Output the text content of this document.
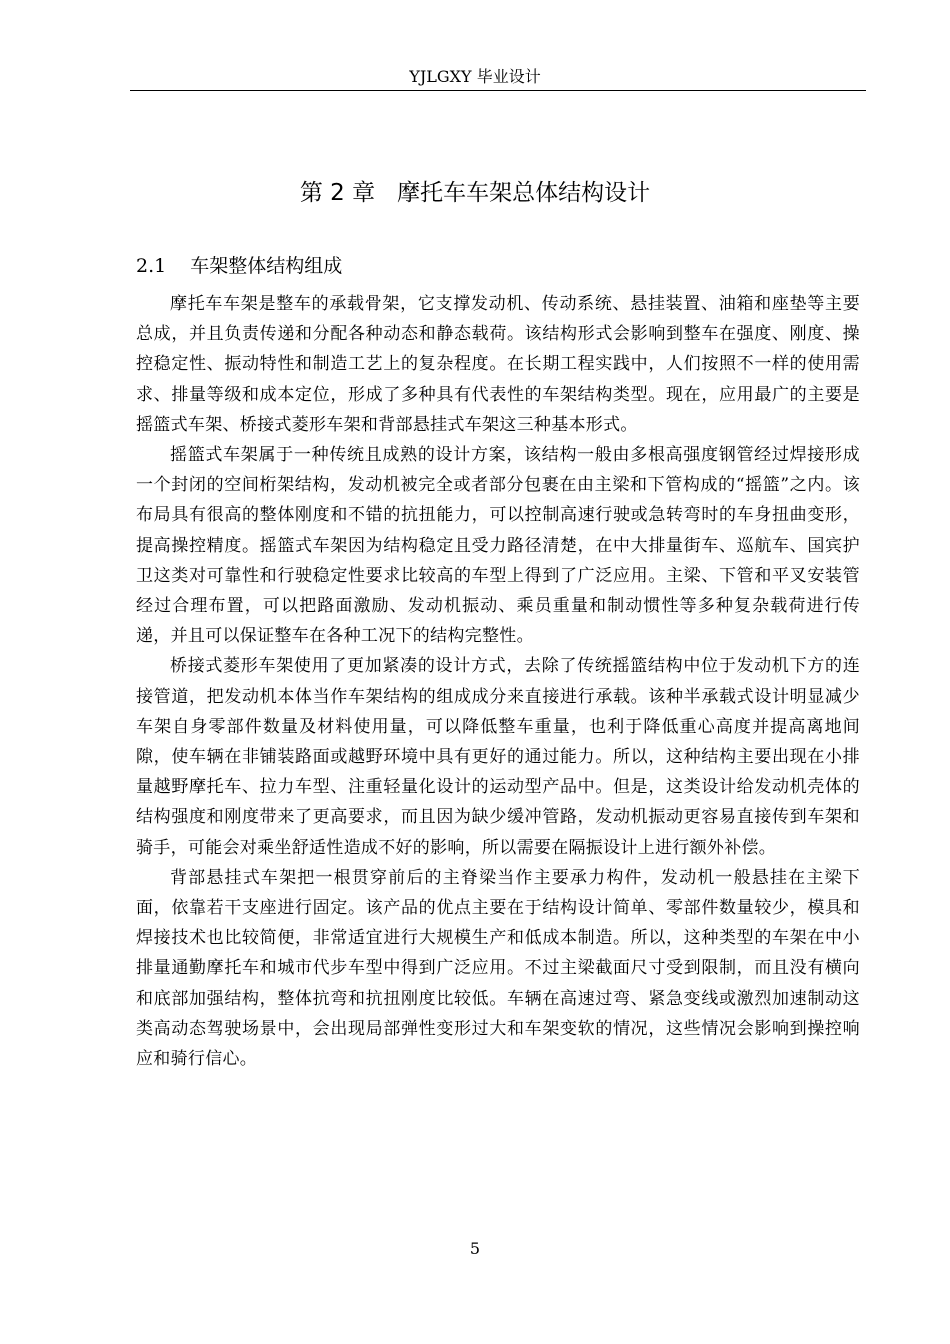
YJLGXY 毕业设计
第 2 章 摩托车车架总体结构设计
2.1 车架整体结构组成

摩托车车架是整车的承载骨架，它支撑发动机、传动系统、悬挂装置、油箱和座垫等主要总成，并且负责传递和分配各种动态和静态载荷。该结构形式会影响到整车在强度、刚度、操控稳定性、振动特性和制造工艺上的复杂程度。在长期工程实践中，人们按照不一样的使用需求、排量等级和成本定位，形成了多种具有代表性的车架结构类型。现在，应用最广的主要是摇篮式车架、桥接式菱形车架和背部悬挂式车架这三种基本形式。

摇篮式车架属于一种传统且成熟的设计方案，该结构一般由多根高强度钢管经过焊接形成一个封闭的空间桁架结构，发动机被完全或者部分包裹在由主梁和下管构成的“摇篮”之内。该布局具有很高的整体刚度和不错的抗扭能力，可以控制高速行驶或急转弯时的车身扭曲变形，提高操控精度。摇篮式车架因为结构稳定且受力路径清楚，在中大排量街车、巡航车、国宾护卫这类对可靠性和行驶稳定性要求比较高的车型上得到了广泛应用。主梁、下管和平叉安装管经过合理布置，可以把路面激励、发动机振动、乘员重量和制动惯性等多种复杂载荷进行传递，并且可以保证整车在各种工况下的结构完整性。

桥接式菱形车架使用了更加紧凑的设计方式，去除了传统摇篮结构中位于发动机下方的连接管道，把发动机本体当作车架结构的组成成分来直接进行承载。该种半承载式设计明显减少车架自身零部件数量及材料使用量，可以降低整车重量，也利于降低重心高度并提高离地间隙，使车辆在非铺装路面或越野环境中具有更好的通过能力。所以，这种结构主要出现在小排量越野摩托车、拉力车型、注重轻量化设计的运动型产品中。但是，这类设计给发动机壳体的结构强度和刚度带来了更高要求，而且因为缺少缓冲管路，发动机振动更容易直接传到车架和骑手，可能会对乘坐舒适性造成不好的影响，所以需要在隔振设计上进行额外补偿。

背部悬挂式车架把一根贯穿前后的主脊梁当作主要承力构件，发动机一般悬挂在主梁下面，依靠若干支座进行固定。该产品的优点主要在于结构设计简单、零部件数量较少，模具和焊接技术也比较简便，非常适宜进行大规模生产和低成本制造。所以，这种类型的车架在中小排量通勤摩托车和城市代步车型中得到广泛应用。不过主梁截面尺寸受到限制，而且没有横向和底部加强结构，整体抗弯和抗扭刚度比较低。车辆在高速过弯、紧急变线或激烈加速制动这类高动态驾驶场景中，会出现局部弹性变形过大和车架变软的情况，这些情况会影响到操控响应和骑行信心。

5
